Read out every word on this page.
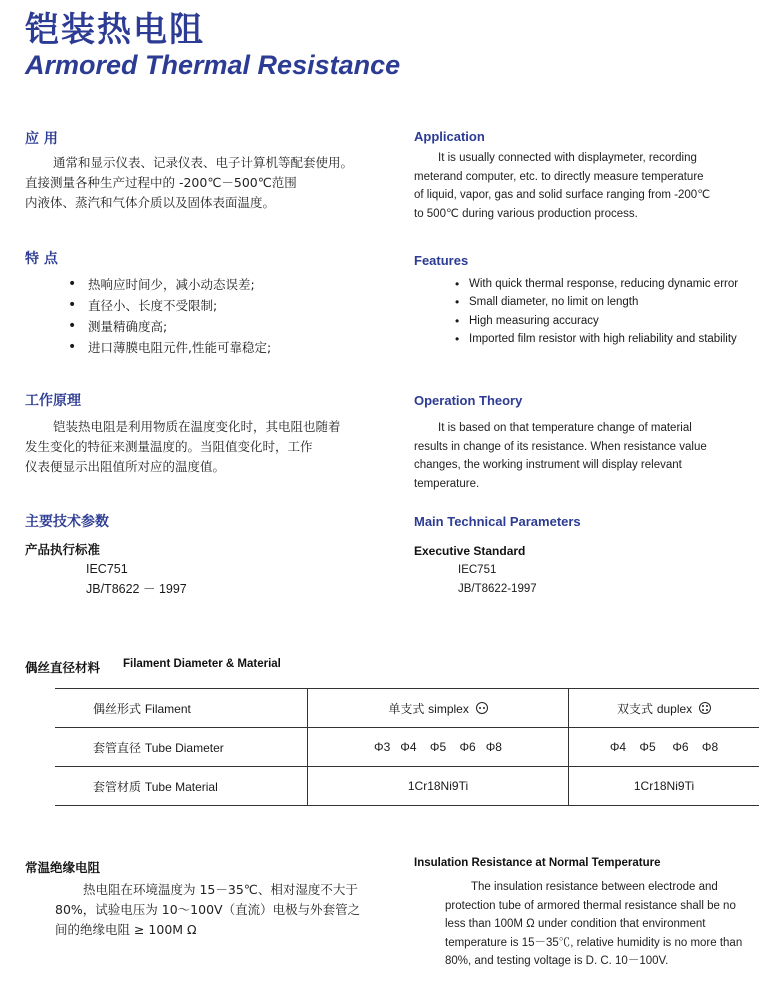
铠装热电阻
Armored Thermal Resistance
应 用
通常和显示仪表、记录仪表、电子计算机等配套使用。
直接测量各种生产过程中的 -200℃－500℃范围
内液体、蒸汽和气体介质以及固体表面温度。
Application
It is usually connected with displaymeter, recording
meterand computer, etc. to directly measure temperature
of liquid, vapor, gas and solid surface ranging from -200℃
to 500℃ during various production process.
特 点
• 热响应时间少，减小动态误差;
• 直径小、长度不受限制;
• 测量精确度高;
• 进口薄膜电阻元件,性能可靠稳定;
Features
• With quick thermal response, reducing dynamic error
• Small diameter, no limit on length
• High measuring accuracy
• Imported film resistor with high reliability and stability
工作原理
铠装热电阻是利用物质在温度变化时，其电阻也随着
发生变化的特征来测量温度的。当阻值变化时，工作
仪表便显示出阻值所对应的温度值。
Operation Theory
It is based on that temperature change of material
results in change of its resistance. When resistance value
changes, the working instrument will display relevant
temperature.
主要技术参数
产品执行标准
IEC751
JB/T8622 － 1997
Main Technical Parameters
Executive Standard
IEC751
JB/T8622-1997
偶丝直径材料 Filament Diameter & Material
偶丝形式 Filament	单支式 simplex	双支式 duplex

套管直径 Tube Diameter	Φ3   Φ4    Φ5    Φ6   Φ8	Φ4    Φ5     Φ6    Φ8
套管材质 Tube Material	1Cr18Ni9Ti	1Cr18Ni9Ti
常温绝缘电阻
热电阻在环境温度为 15－35℃、相对湿度不大于
80%，试验电压为 10～100V（直流）电极与外套管之
间的绝缘电阻 ≥ 100M Ω
Insulation Resistance at Normal Temperature
The insulation resistance between electrode and
protection tube of armored thermal resistance shall be no
less than 100M Ω under condition that environment
temperature is 15－35℃, relative humidity is no more than
80%, and testing voltage is D. C. 10－100V.
